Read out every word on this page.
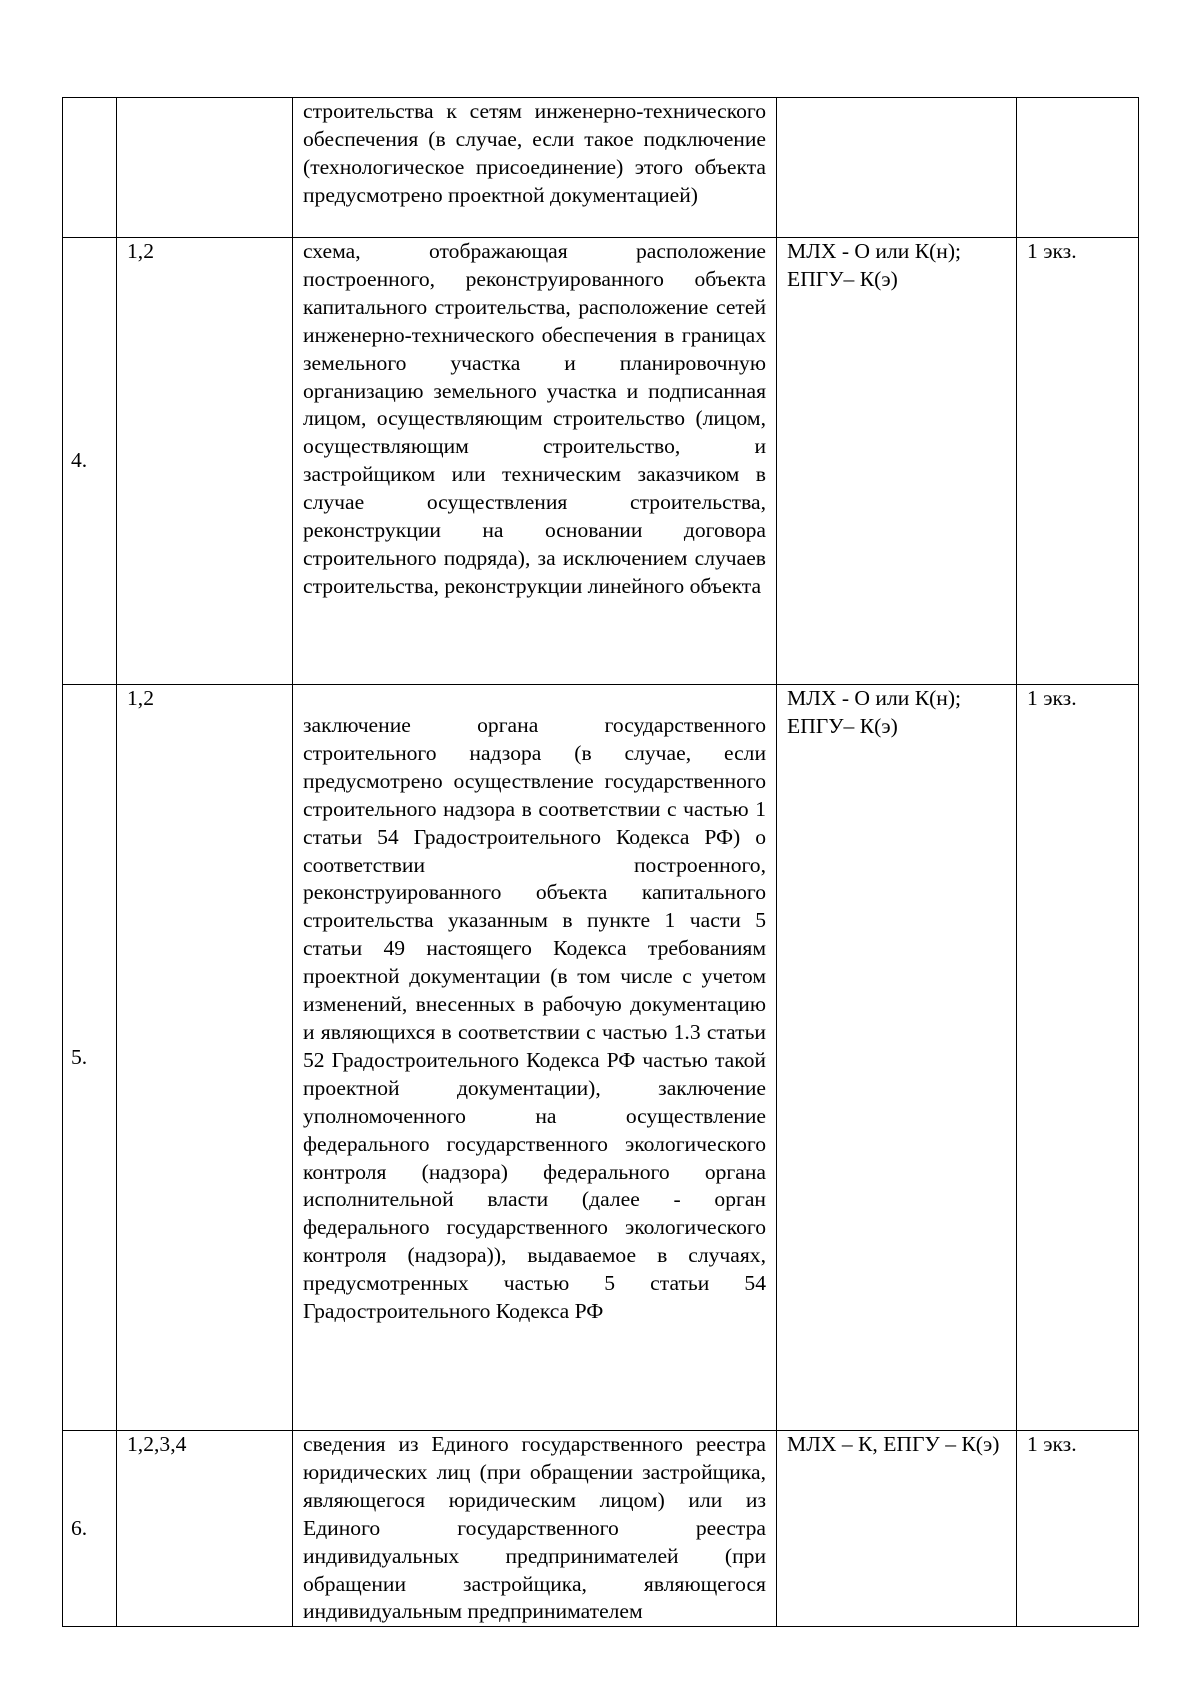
		строительства к сетям инженерно-технического обеспечения (в случае, если такое подключение (технологическое присоединение) этого объекта предусмотрено проектной документацией)		

4.	1,2	схема, отображающая расположение построенного, реконструированного объекта капитального строительства, расположение сетей инженерно-технического обеспечения в границах земельного участка и планировочную организацию земельного участка и подписанная лицом, осуществляющим строительство (лицом, осуществляющим строительство, и застройщиком или техническим заказчиком в случае осуществления строительства, реконструкции на основании договора строительного подряда), за исключением случаев строительства, реконструкции линейного объекта	МЛХ - О или К(н); ЕПГУ– К(э)	1 экз.
5.	1,2	заключение органа государственного строительного надзора (в случае, если предусмотрено осуществление государственного строительного надзора в соответствии с частью 1 статьи 54 Градостроительного Кодекса РФ) о соответствии построенного, реконструированного объекта капитального строительства указанным в пункте 1 части 5 статьи 49 настоящего Кодекса требованиям проектной документации (в том числе с учетом изменений, внесенных в рабочую документацию и являющихся в соответствии с частью 1.3 статьи 52 Градостроительного Кодекса РФ частью такой проектной документации), заключение уполномоченного на осуществление федерального государственного экологического контроля (надзора) федерального органа исполнительной власти (далее - орган федерального государственного экологического контроля (надзора)), выдаваемое в случаях, предусмотренных частью 5 статьи 54 Градостроительного Кодекса РФ	МЛХ - О или К(н); ЕПГУ– К(э)	1 экз.
6.	1,2,3,4	сведения из Единого государственного реестра юридических лиц (при обращении застройщика, являющегося юридическим лицом) или из Единого государственного реестра индивидуальных предпринимателей (при обращении застройщика, являющегося индивидуальным предпринимателем	МЛХ – К, ЕПГУ – К(э)	1 экз.
